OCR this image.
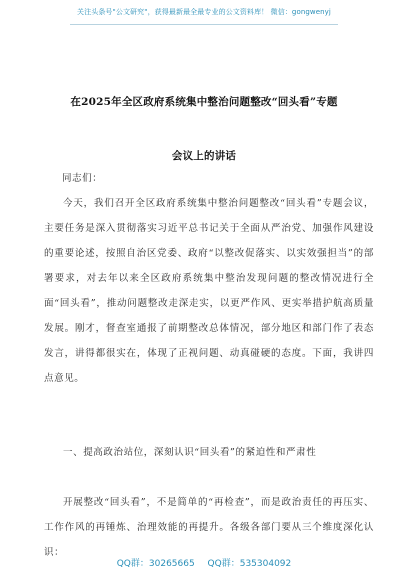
关注头条号"公文研究"，获得最新最全最专业的公文资料库！ 微信：gongwenyj
在2025年全区政府系统集中整治问题整改“回头看”专题
会议上的讲话
同志们：
今天，我们召开全区政府系统集中整治问题整改“回头看”专题会议，主要任务是深入贯彻落实习近平总书记关于全面从严治党、加强作风建设的重要论述，按照自治区党委、政府“以整改促落实、以实效强担当”的部署要求，对去年以来全区政府系统集中整治发现问题的整改情况进行全面“回头看”，推动问题整改走深走实，以更严作风、更实举措护航高质量发展。刚才，督查室通报了前期整改总体情况，部分地区和部门作了表态发言，讲得都很实在，体现了正视问题、动真碰硬的态度。下面，我讲四点意见。
一、提高政治站位，深刻认识“回头看”的紧迫性和严肃性
开展整改“回头看”，不是简单的“再检查”，而是政治责任的再压实、工作作风的再锤炼、治理效能的再提升。各级各部门要从三个维度深化认识：
QQ群：30265665 QQ群：535304092
